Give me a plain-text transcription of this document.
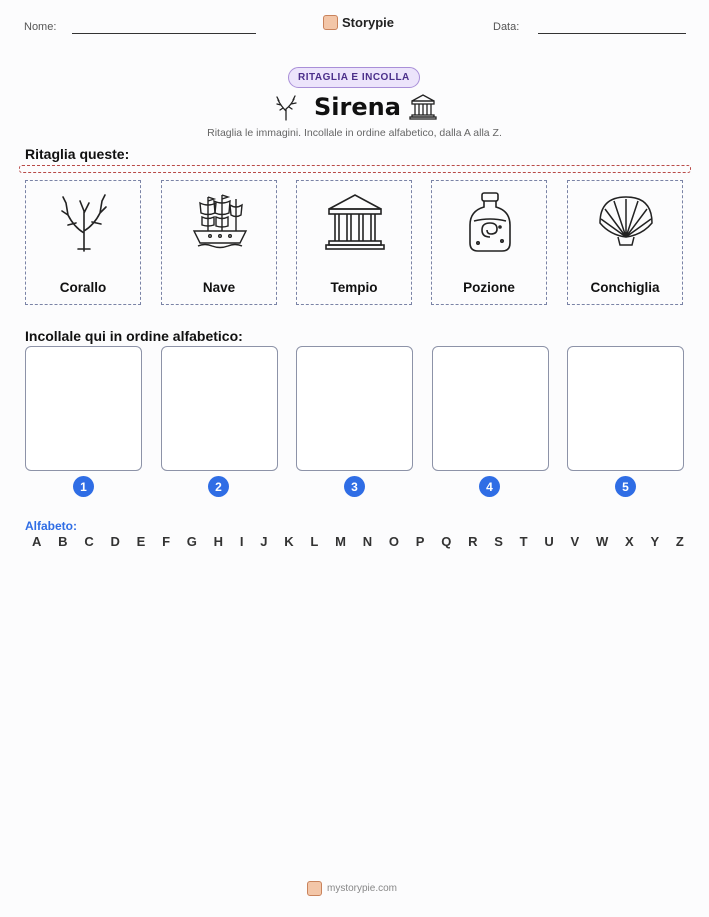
Nome:	Storypie	Data:
RITAGLIA E INCOLLA
Sirena
Ritaglia le immagini. Incollale in ordine alfabetico, dalla A alla Z.
Ritaglia queste:
Corallo	Nave	Tempio	Pozione	Conchiglia
Incollale qui in ordine alfabetico:
1	2	3	4	5
Alfabeto:
A B C D E F G H I J K L M N O P Q R S T U V W X Y Z
mystorypie.com
